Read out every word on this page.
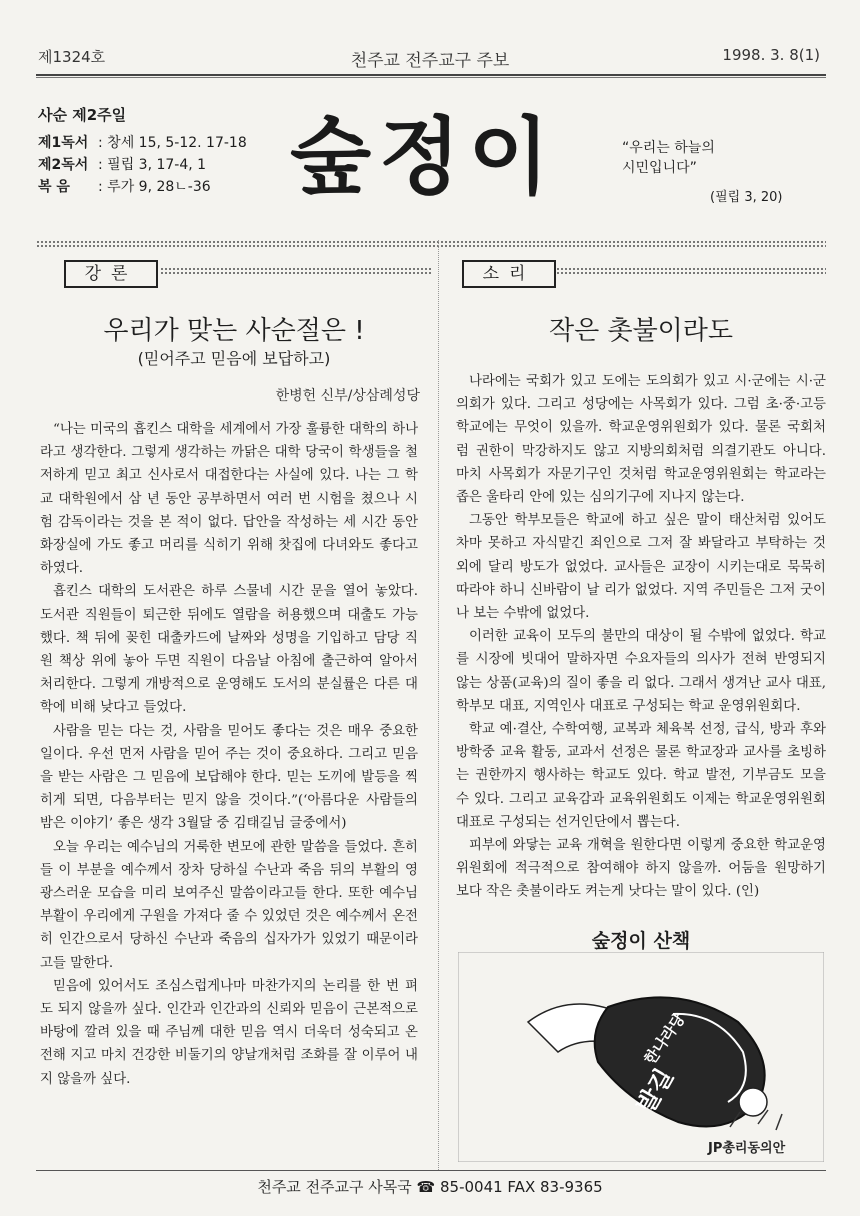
제1324호	천주교 전주교구 주보	1998. 3. 8(1)
사순 제2주일
제1독서 : 창세 15, 5-12. 17-18
제2독서 : 필립 3, 17-4, 1
복 음 : 루가 9, 28ㄴ-36 숲정이	“우리는 하늘의
시민입니다”
(필립 3, 20)
강론	소리
우리가 맞는 사순절은 !
(믿어주고 믿음에 보답하고)
한병헌 신부/상삼례성당

“나는 미국의 흡킨스 대학을 세계에서 가장 훌륭한 대학의 하나라고 생각한다. 그렇게 생각하는 까닭은 대학 당국이 학생들을 철저하게 믿고 최고 신사로서 대접한다는 사실에 있다. 나는 그 학교 대학원에서 삼 년 동안 공부하면서 여러 번 시험을 쳤으나 시험 감독이라는 것을 본 적이 없다. 답안을 작성하는 세 시간 동안 화장실에 가도 좋고 머리를 식히기 위해 찻집에 다녀와도 좋다고 하였다.

흡킨스 대학의 도서관은 하루 스물네 시간 문을 열어 놓았다. 도서관 직원들이 퇴근한 뒤에도 열람을 허용했으며 대출도 가능했다. 책 뒤에 꽂힌 대출카드에 날짜와 성명을 기입하고 담당 직원 책상 위에 놓아 두면 직원이 다음날 아침에 출근하여 알아서 처리한다. 그렇게 개방적으로 운영해도 도서의 분실률은 다른 대학에 비해 낮다고 들었다.

사람을 믿는 다는 것, 사람을 믿어도 좋다는 것은 매우 중요한 일이다. 우선 먼저 사람을 믿어 주는 것이 중요하다. 그리고 믿음을 받는 사람은 그 믿음에 보답해야 한다. 믿는 도끼에 발등을 찍히게 되면, 다음부터는 믿지 않을 것이다.”(‘아름다운 사람들의 밤은 이야기’ 좋은 생각 3월달 중 김태길님 글중에서)

오늘 우리는 예수님의 거룩한 변모에 관한 말씀을 들었다. 흔히들 이 부분을 예수께서 장차 당하실 수난과 죽음 뒤의 부활의 영광스러운 모습을 미리 보여주신 말씀이라고들 한다. 또한 예수님 부활이 우리에게 구원을 가져다 줄 수 있었던 것은 예수께서 온전히 인간으로서 당하신 수난과 죽음의 십자가가 있었기 때문이라고들 말한다.

믿음에 있어서도 조심스럽게나마 마찬가지의 논리를 한 번 펴도 되지 않을까 싶다. 인간과 인간과의 신뢰와 믿음이 근본적으로 바탕에 깔려 있을 때 주님께 대한 믿음 역시 더욱더 성숙되고 온전해 지고 마치 건강한 비둘기의 양날개처럼 조화를 잘 이루어 내지 않을까 싶다.

작은 촛불이라도

나라에는 국회가 있고 도에는 도의회가 있고 시·군에는 시·군의회가 있다. 그리고 성당에는 사목회가 있다. 그럼 초·중·고등학교에는 무엇이 있을까. 학교운영위원회가 있다. 물론 국회처럼 권한이 막강하지도 않고 지방의회처럼 의결기관도 아니다. 마치 사목회가 자문기구인 것처럼 학교운영위원회는 학교라는 좁은 울타리 안에 있는 심의기구에 지나지 않는다.

그동안 학부모들은 학교에 하고 싶은 말이 태산처럼 있어도 차마 못하고 자식맡긴 죄인으로 그저 잘 봐달라고 부탁하는 것외에 달리 방도가 없었다. 교사들은 교장이 시키는대로 묵묵히 따라야 하니 신바람이 날 리가 없었다. 지역 주민들은 그저 굿이나 보는 수밖에 없었다.

이러한 교육이 모두의 불만의 대상이 될 수밖에 없었다. 학교를 시장에 빗대어 말하자면 수요자들의 의사가 전혀 반영되지 않는 상품(교육)의 질이 좋을 리 없다. 그래서 생겨난 교사 대표, 학부모 대표, 지역인사 대표로 구성되는 학교 운영위원회다.

학교 예·결산, 수학여행, 교복과 체육복 선정, 급식, 방과 후와 방학중 교육 활동, 교과서 선정은 물론 학교장과 교사를 초빙하는 권한까지 행사하는 학교도 있다. 학교 발전, 기부금도 모을 수 있다. 그리고 교육감과 교육위원회도 이제는 학교운영위원회 대표로 구성되는 선거인단에서 뽑는다.

피부에 와닿는 교육 개혁을 원한다면 이렇게 중요한 학교운영위원회에 적극적으로 참여해야 하지 않을까. 어둠을 원망하기 보다 작은 촛불이라도 켜는게 낫다는 말이 있다. (인)

숲정이 산책
한나라당
발길
JP총리동의안
천주교 전주교구 사목국 ☎ 85-0041 FAX 83-9365
